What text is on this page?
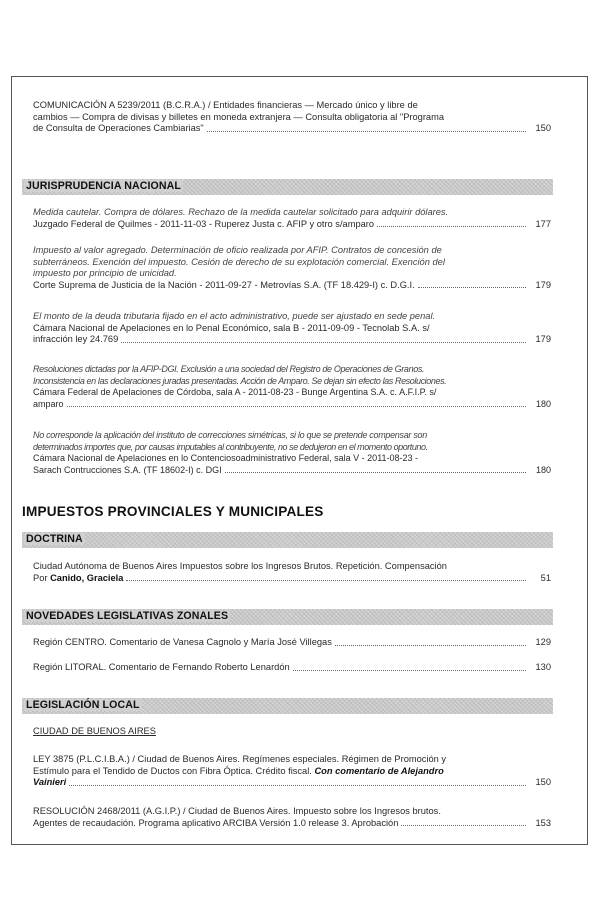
COMUNICACIÓN A 5239/2011 (B.C.R.A.) / Entidades financieras — Mercado único y libre de
cambios — Compra de divisas y billetes en moneda extranjera — Consulta obligatoria al "Programa
de Consulta de Operaciones Cambiarias"	150
JURISPRUDENCIA NACIONAL
Medida cautelar. Compra de dólares. Rechazo de la medida cautelar solicitado para adquirir dólares.
Juzgado Federal de Quilmes - 2011-11-03 - Ruperez Justa c. AFIP y otro s/amparo	177
Impuesto al valor agregado. Determinación de oficio realizada por AFIP. Contratos de concesión de
subterráneos. Exención del impuesto. Cesión de derecho de su explotación comercial. Exención del
impuesto por principio de unicidad.
Corte Suprema de Justicia de la Nación - 2011-09-27 - Metrovías S.A. (TF 18.429-I) c. D.G.I.	179
El monto de la deuda tributaria fijado en el acto administrativo, puede ser ajustado en sede penal.
Cámara Nacional de Apelaciones en lo Penal Económico, sala B - 2011-09-09 - Tecnolab S.A. s/
infracción ley 24.769	179
Resoluciones dictadas por la AFIP-DGI. Exclusión a una sociedad del Registro de Operaciones de Granos.
Inconsistencia en las declaraciones juradas presentadas. Acción de Amparo. Se dejan sin efecto las Resoluciones.
Cámara Federal de Apelaciones de Córdoba, sala A - 2011-08-23 - Bunge Argentina S.A. c. A.F.I.P. s/
amparo	180
No corresponde la aplicación del instituto de correcciones simétricas, si lo que se pretende compensar son
determinados importes que, por causas imputables al contribuyente, no se dedujeron en el momento oportuno.
Cámara Nacional de Apelaciones en lo Contenciosoadministrativo Federal, sala V - 2011-08-23 -
Sarach Contrucciones S.A. (TF 18602-I) c. DGI	180
IMPUESTOS PROVINCIALES Y MUNICIPALES
DOCTRINA
Ciudad Autónoma de Buenos Aires Impuestos sobre los Ingresos Brutos. Repetición. Compensación
Por Canido, Graciela	51
NOVEDADES LEGISLATIVAS ZONALES
Región CENTRO. Comentario de Vanesa Cagnolo y María José Villegas	129
Región LITORAL. Comentario de Fernando Roberto Lenardón	130
LEGISLACIÓN LOCAL
CIUDAD DE BUENOS AIRES
LEY 3875 (P.L.C.I.B.A.) / Ciudad de Buenos Aires. Regímenes especiales. Régimen de Promoción y
Estímulo para el Tendido de Ductos con Fibra Óptica. Crédito fiscal. Con comentario de Alejandro
Vainieri	150
RESOLUCIÓN 2468/2011 (A.G.I.P.) / Ciudad de Buenos Aires. Impuesto sobre los Ingresos brutos.
Agentes de recaudación. Programa aplicativo ARCIBA Versión 1.0 release 3. Aprobación	153
